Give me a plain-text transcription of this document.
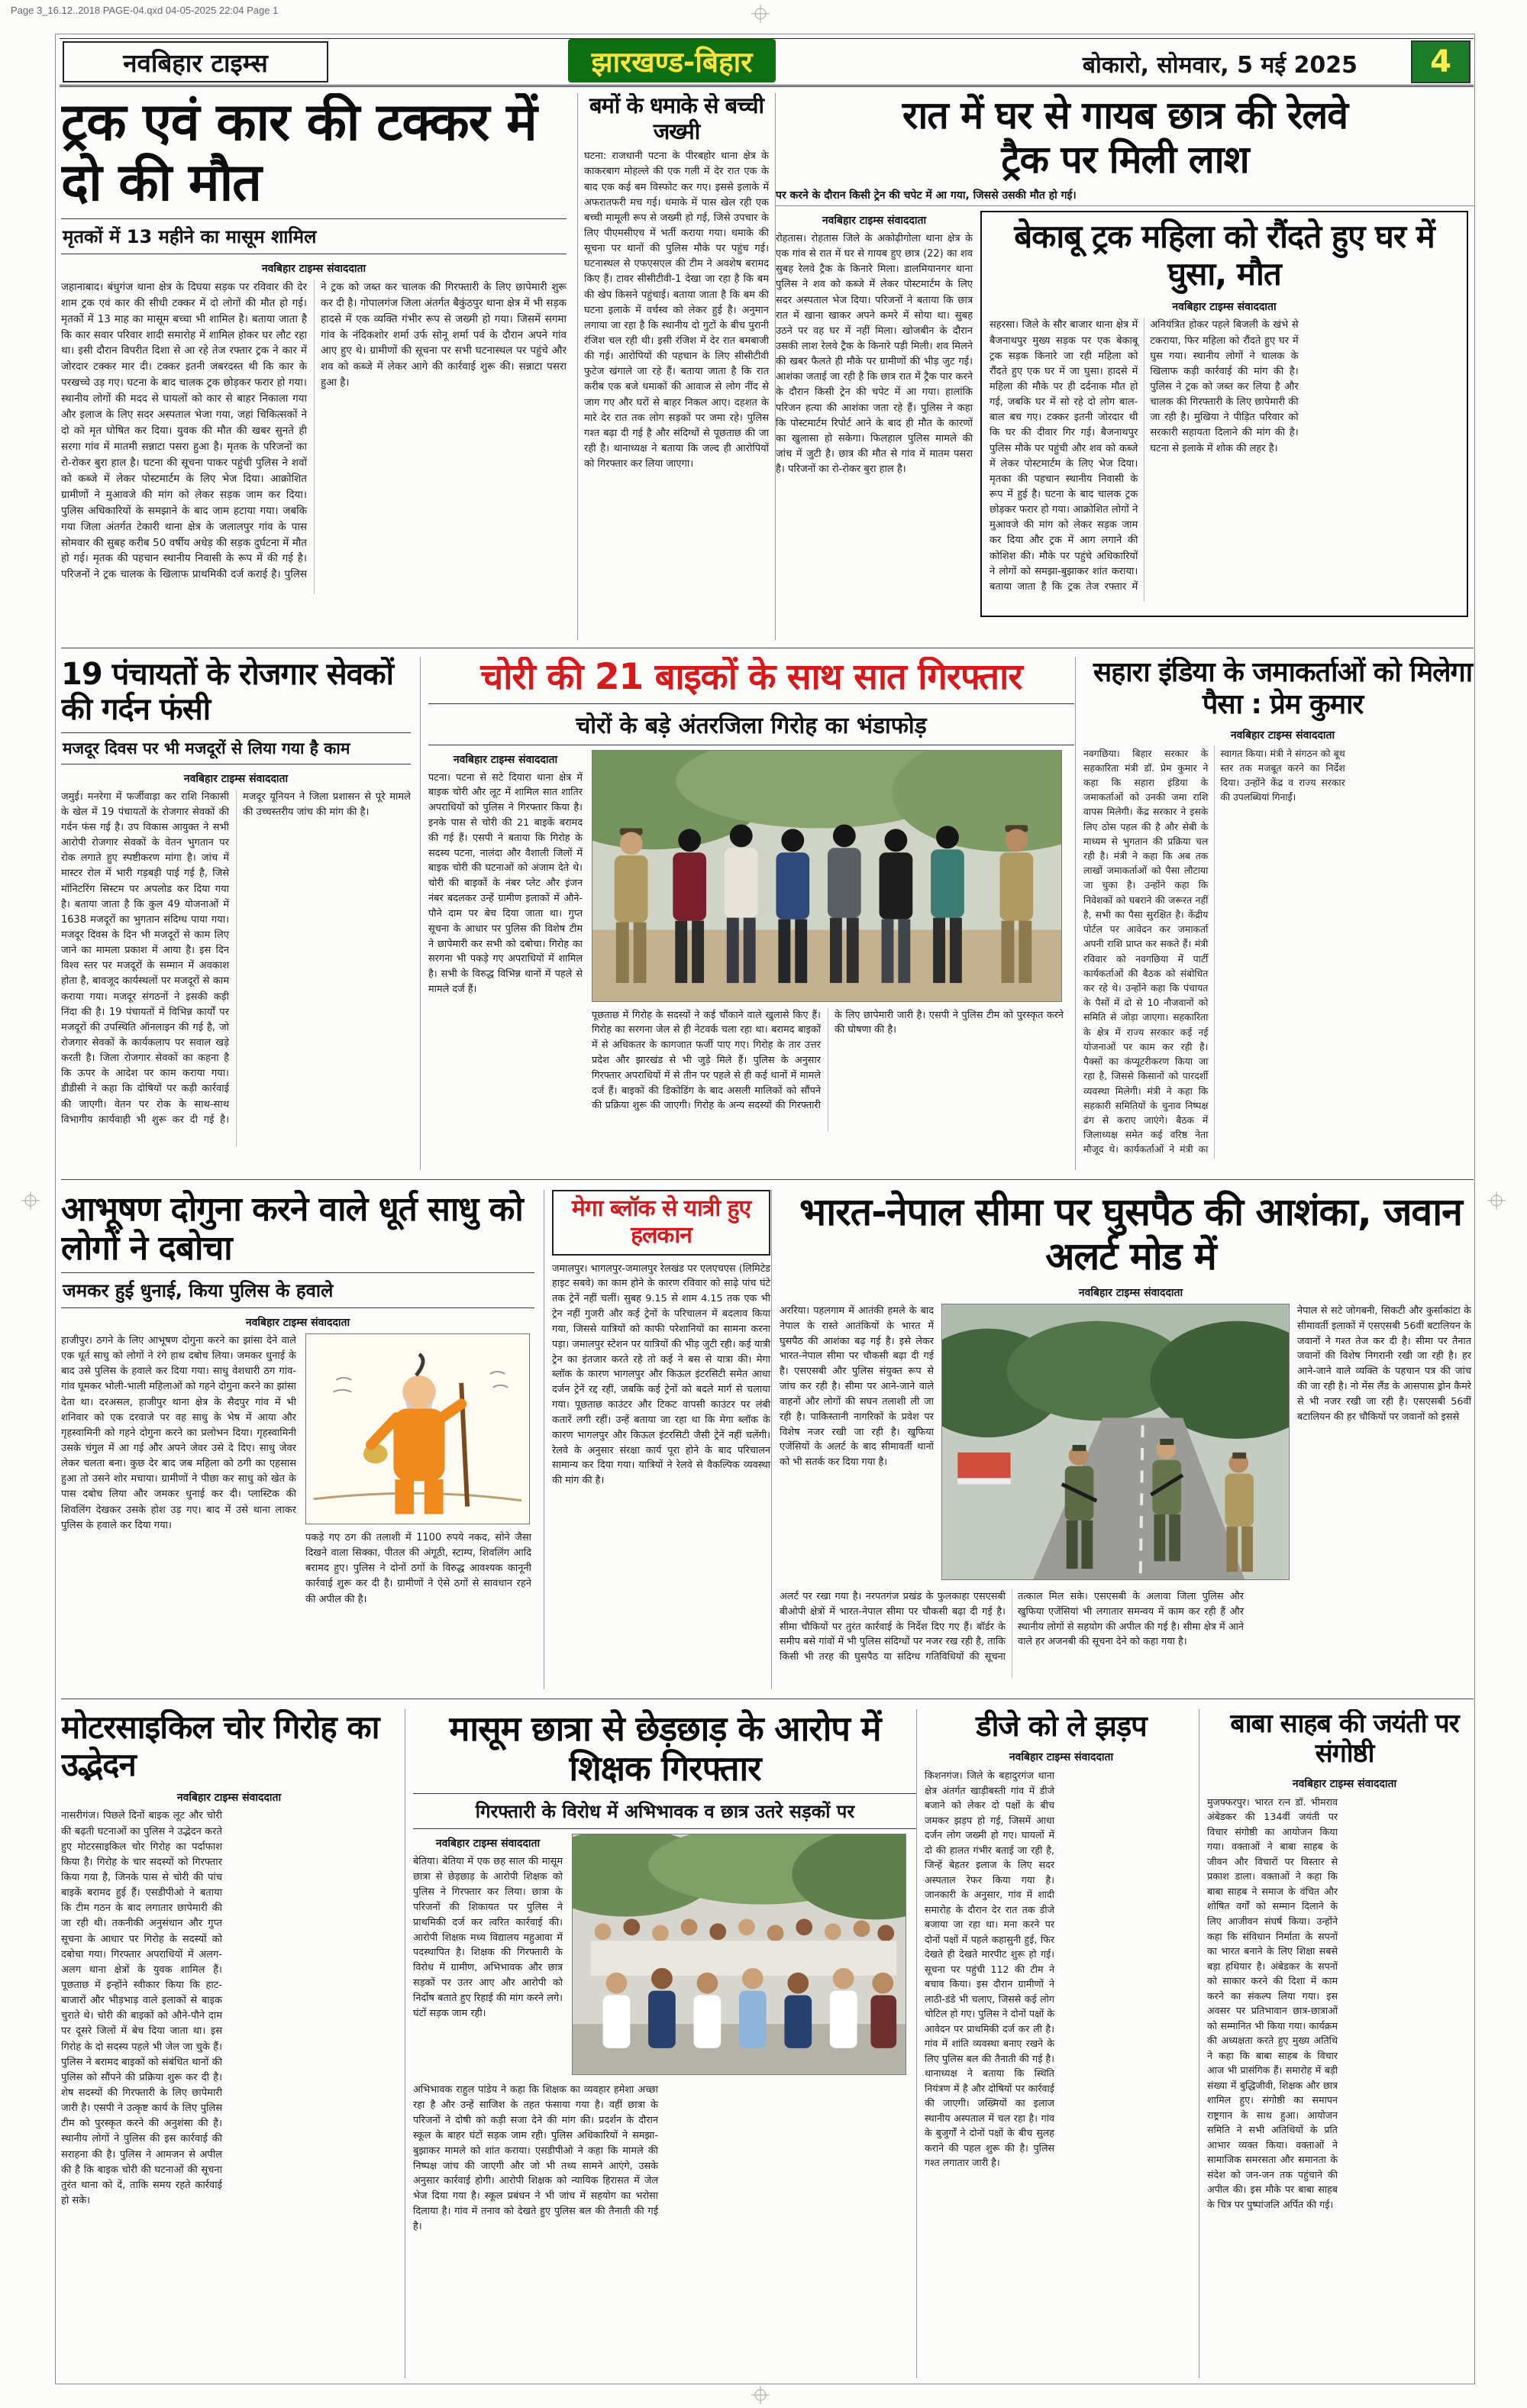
Page 3_16.12..2018 PAGE-04.qxd 04-05-2025 22:04 Page 1
नवबिहार टाइम्स	झारखण्ड-बिहार	बोकारो, सोमवार, 5 मई 2025	4
ट्रक एवं कार की टक्कर में दो की मौत
मृतकों में 13 महीने का मासूम शामिल
नवबिहार टाइम्स संवाददाता
जहानाबाद। बंधुगंज थाना क्षेत्र के दिघया सड़क पर रविवार की देर शाम ट्रक एवं कार की सीधी टक्कर में दो लोगों की मौत हो गई। मृतकों में 13 माह का मासूम बच्चा भी शामिल है। बताया जाता है कि कार सवार परिवार शादी समारोह में शामिल होकर घर लौट रहा था। इसी दौरान विपरीत दिशा से आ रहे तेज रफ्तार ट्रक ने कार में जोरदार टक्कर मार दी। टक्कर इतनी जबरदस्त थी कि कार के परखच्चे उड़ गए। घटना के बाद चालक ट्रक छोड़कर फरार हो गया। स्थानीय लोगों की मदद से घायलों को कार से बाहर निकाला गया और इलाज के लिए सदर अस्पताल भेजा गया, जहां चिकित्सकों ने दो को मृत घोषित कर दिया। युवक की मौत की खबर सुनते ही सरगा गांव में मातमी सन्नाटा पसरा हुआ है। मृतक के परिजनों का रो-रोकर बुरा हाल है। घटना की सूचना पाकर पहुंची पुलिस ने शवों को कब्जे में लेकर पोस्टमार्टम के लिए भेज दिया। आक्रोशित ग्रामीणों ने मुआवजे की मांग को लेकर सड़क जाम कर दिया। पुलिस अधिकारियों के समझाने के बाद जाम हटाया गया। जबकि गया जिला अंतर्गत टेकारी थाना क्षेत्र के जलालपुर गांव के पास सोमवार की सुबह करीब 50 वर्षीय अधेड़ की सड़क दुर्घटना में मौत हो गई। मृतक की पहचान स्थानीय निवासी के रूप में की गई है। परिजनों ने ट्रक चालक के खिलाफ प्राथमिकी दर्ज कराई है। पुलिस ने ट्रक को जब्त कर चालक की गिरफ्तारी के लिए छापेमारी शुरू कर दी है। गोपालगंज जिला अंतर्गत बैकुंठपुर थाना क्षेत्र में भी सड़क हादसे में एक व्यक्ति गंभीर रूप से जख्मी हो गया। जिसमें सगमा गांव के नंदिकशोर शर्मा उर्फ सोनू शर्मा पर्व के दौरान अपने गांव आए हुए थे। ग्रामीणों की सूचना पर सभी घटनास्थल पर पहुंचे और शव को कब्जे में लेकर आगे की कार्रवाई शुरू की। सन्नाटा पसरा हुआ है।
बमों के धमाके से बच्ची जख्मी
घटना: राजधानी पटना के पीरबहोर थाना क्षेत्र के काकरबाग मोहल्ले की एक गली में देर रात एक के बाद एक कई बम विस्फोट कर गए। इससे इलाके में अफरातफरी मच गई। धमाके में पास खेल रही एक बच्ची मामूली रूप से जख्मी हो गई, जिसे उपचार के लिए पीएमसीएच में भर्ती कराया गया। धमाके की सूचना पर थानों की पुलिस मौके पर पहुंच गई। घटनास्थल से एफएसएल की टीम ने अवशेष बरामद किए हैं। टावर सीसीटीवी-1 देखा जा रहा है कि बम की खेप किसने पहुंचाई। बताया जाता है कि बम की घटना इलाके में वर्चस्व को लेकर हुई है। अनुमान लगाया जा रहा है कि स्थानीय दो गुटों के बीच पुरानी रंजिश चल रही थी। इसी रंजिश में देर रात बमबाजी की गई। आरोपियों की पहचान के लिए सीसीटीवी फुटेज खंगाले जा रहे हैं। बताया जाता है कि रात करीब एक बजे धमाकों की आवाज से लोग नींद से जाग गए और घरों से बाहर निकल आए। दहशत के मारे देर रात तक लोग सड़कों पर जमा रहे। पुलिस गश्त बढ़ा दी गई है और संदिग्धों से पूछताछ की जा रही है। थानाध्यक्ष ने बताया कि जल्द ही आरोपियों को गिरफ्तार कर लिया जाएगा।
रात में घर से गायब छात्र की रेलवे ट्रैक पर मिली लाश
पर करने के दौरान किसी ट्रेन की चपेट में आ गया, जिससे उसकी मौत हो गई।
नवबिहार टाइम्स संवाददाता
रोहतास। रोहतास जिले के अकोढ़ीगोला थाना क्षेत्र के एक गांव से रात में घर से गायब हुए छात्र (22) का शव सुबह रेलवे ट्रैक के किनारे मिला। डालमियानगर थाना पुलिस ने शव को कब्जे में लेकर पोस्टमार्टम के लिए सदर अस्पताल भेज दिया। परिजनों ने बताया कि छात्र रात में खाना खाकर अपने कमरे में सोया था। सुबह उठने पर वह घर में नहीं मिला। खोजबीन के दौरान उसकी लाश रेलवे ट्रैक के किनारे पड़ी मिली। शव मिलने की खबर फैलते ही मौके पर ग्रामीणों की भीड़ जुट गई। आशंका जताई जा रही है कि छात्र रात में ट्रैक पार करने के दौरान किसी ट्रेन की चपेट में आ गया। हालांकि परिजन हत्या की आशंका जता रहे हैं। पुलिस ने कहा कि पोस्टमार्टम रिपोर्ट आने के बाद ही मौत के कारणों का खुलासा हो सकेगा। फिलहाल पुलिस मामले की जांच में जुटी है। छात्र की मौत से गांव में मातम पसरा है। परिजनों का रो-रोकर बुरा हाल है।
बेकाबू ट्रक महिला को रौंदते हुए घर में घुसा, मौत
नवबिहार टाइम्स संवाददाता
सहरसा। जिले के सौर बाजार थाना क्षेत्र में बैजनाथपुर मुख्य सड़क पर एक बेकाबू ट्रक सड़क किनारे जा रही महिला को रौंदते हुए एक घर में जा घुसा। हादसे में महिला की मौके पर ही दर्दनाक मौत हो गई, जबकि घर में सो रहे दो लोग बाल-बाल बच गए। टक्कर इतनी जोरदार थी कि घर की दीवार गिर गई। बैजनाथपुर पुलिस मौके पर पहुंची और शव को कब्जे में लेकर पोस्टमार्टम के लिए भेज दिया। मृतका की पहचान स्थानीय निवासी के रूप में हुई है। घटना के बाद चालक ट्रक छोड़कर फरार हो गया। आक्रोशित लोगों ने मुआवजे की मांग को लेकर सड़क जाम कर दिया और ट्रक में आग लगाने की कोशिश की। मौके पर पहुंचे अधिकारियों ने लोगों को समझा-बुझाकर शांत कराया। बताया जाता है कि ट्रक तेज रफ्तार में अनियंत्रित होकर पहले बिजली के खंभे से टकराया, फिर महिला को रौंदते हुए घर में घुस गया। स्थानीय लोगों ने चालक के खिलाफ कड़ी कार्रवाई की मांग की है। पुलिस ने ट्रक को जब्त कर लिया है और चालक की गिरफ्तारी के लिए छापेमारी की जा रही है। मुखिया ने पीड़ित परिवार को सरकारी सहायता दिलाने की मांग की है। घटना से इलाके में शोक की लहर है।
19 पंचायतों के रोजगार सेवकों की गर्दन फंसी
मजदूर दिवस पर भी मजदूरों से लिया गया है काम
नवबिहार टाइम्स संवाददाता
जमुई। मनरेगा में फर्जीवाड़ा कर राशि निकासी के खेल में 19 पंचायतों के रोजगार सेवकों की गर्दन फंस गई है। उप विकास आयुक्त ने सभी आरोपी रोजगार सेवकों के वेतन भुगतान पर रोक लगाते हुए स्पष्टीकरण मांगा है। जांच में मास्टर रोल में भारी गड़बड़ी पाई गई है, जिसे मॉनिटरिंग सिस्टम पर अपलोड कर दिया गया है। बताया जाता है कि कुल 49 योजनाओं में 1638 मजदूरों का भुगतान संदिग्ध पाया गया। मजदूर दिवस के दिन भी मजदूरों से काम लिए जाने का मामला प्रकाश में आया है। इस दिन विश्व स्तर पर मजदूरों के सम्मान में अवकाश होता है, बावजूद कार्यस्थलों पर मजदूरों से काम कराया गया। मजदूर संगठनों ने इसकी कड़ी निंदा की है। 19 पंचायतों में विभिन्न कार्यों पर मजदूरों की उपस्थिति ऑनलाइन की गई है, जो रोजगार सेवकों के कार्यकलाप पर सवाल खड़े करती है। जिला रोजगार सेवकों का कहना है कि ऊपर के आदेश पर काम कराया गया। डीडीसी ने कहा कि दोषियों पर कड़ी कार्रवाई की जाएगी। वेतन पर रोक के साथ-साथ विभागीय कार्यवाही भी शुरू कर दी गई है। मजदूर यूनियन ने जिला प्रशासन से पूरे मामले की उच्चस्तरीय जांच की मांग की है।
चोरी की 21 बाइकों के साथ सात गिरफ्तार
चोरों के बड़े अंतरजिला गिरोह का भंडाफोड़
नवबिहार टाइम्स संवाददाता
पटना। पटना से सटे दियारा थाना क्षेत्र में बाइक चोरी और लूट में शामिल सात शातिर अपराधियों को पुलिस ने गिरफ्तार किया है। इनके पास से चोरी की 21 बाइकें बरामद की गई हैं। एसपी ने बताया कि गिरोह के सदस्य पटना, नालंदा और वैशाली जिलों में बाइक चोरी की घटनाओं को अंजाम देते थे। चोरी की बाइकों के नंबर प्लेट और इंजन नंबर बदलकर उन्हें ग्रामीण इलाकों में औने-पौने दाम पर बेच दिया जाता था। गुप्त सूचना के आधार पर पुलिस की विशेष टीम ने छापेमारी कर सभी को दबोचा। गिरोह का सरगना भी पकड़े गए अपराधियों में शामिल है। सभी के विरुद्ध विभिन्न थानों में पहले से मामले दर्ज हैं।
पूछताछ में गिरोह के सदस्यों ने कई चौंकाने वाले खुलासे किए हैं। गिरोह का सरगना जेल से ही नेटवर्क चला रहा था। बरामद बाइकों में से अधिकतर के कागजात फर्जी पाए गए। गिरोह के तार उत्तर प्रदेश और झारखंड से भी जुड़े मिले हैं। पुलिस के अनुसार गिरफ्तार अपराधियों में से तीन पर पहले से ही कई थानों में मामले दर्ज हैं। बाइकों की डिकोडिंग के बाद असली मालिकों को सौंपने की प्रक्रिया शुरू की जाएगी। गिरोह के अन्य सदस्यों की गिरफ्तारी के लिए छापेमारी जारी है। एसपी ने पुलिस टीम को पुरस्कृत करने की घोषणा की है।
सहारा इंडिया के जमाकर्ताओं को मिलेगा पैसा : प्रेम कुमार
नवबिहार टाइम्स संवाददाता
नवगछिया। बिहार सरकार के सहकारिता मंत्री डॉ. प्रेम कुमार ने कहा कि सहारा इंडिया के जमाकर्ताओं को उनकी जमा राशि वापस मिलेगी। केंद्र सरकार ने इसके लिए ठोस पहल की है और सेबी के माध्यम से भुगतान की प्रक्रिया चल रही है। मंत्री ने कहा कि अब तक लाखों जमाकर्ताओं को पैसा लौटाया जा चुका है। उन्होंने कहा कि निवेशकों को घबराने की जरूरत नहीं है, सभी का पैसा सुरक्षित है। केंद्रीय पोर्टल पर आवेदन कर जमाकर्ता अपनी राशि प्राप्त कर सकते हैं। मंत्री रविवार को नवगछिया में पार्टी कार्यकर्ताओं की बैठक को संबोधित कर रहे थे। उन्होंने कहा कि पंचायत के पैसों में दो से 10 नौजवानों को समिति से जोड़ा जाएगा। सहकारिता के क्षेत्र में राज्य सरकार कई नई योजनाओं पर काम कर रही है। पैक्सों का कंप्यूटरीकरण किया जा रहा है, जिससे किसानों को पारदर्शी व्यवस्था मिलेगी। मंत्री ने कहा कि सहकारी समितियों के चुनाव निष्पक्ष ढंग से कराए जाएंगे। बैठक में जिलाध्यक्ष समेत कई वरिष्ठ नेता मौजूद थे। कार्यकर्ताओं ने मंत्री का स्वागत किया। मंत्री ने संगठन को बूथ स्तर तक मजबूत करने का निर्देश दिया। उन्होंने केंद्र व राज्य सरकार की उपलब्धियां गिनाईं।
आभूषण दोगुना करने वाले धूर्त साधु को लोगों ने दबोचा
जमकर हुई धुनाई, किया पुलिस के हवाले
नवबिहार टाइम्स संवाददाता
हाजीपुर। ठगने के लिए आभूषण दोगुना करने का झांसा देने वाले एक धूर्त साधु को लोगों ने रंगे हाथ दबोच लिया। जमकर धुनाई के बाद उसे पुलिस के हवाले कर दिया गया। साधु वेशधारी ठग गांव-गांव घूमकर भोली-भाली महिलाओं को गहने दोगुना करने का झांसा देता था। दरअसल, हाजीपुर थाना क्षेत्र के सैदपुर गांव में भी शनिवार को एक दरवाजे पर वह साधु के भेष में आया और गृहस्वामिनी को गहने दोगुना करने का प्रलोभन दिया। गृहस्वामिनी उसके चंगुल में आ गई और अपने जेवर उसे दे दिए। साधु जेवर लेकर चलता बना। कुछ देर बाद जब महिला को ठगी का एहसास हुआ तो उसने शोर मचाया। ग्रामीणों ने पीछा कर साधु को खेत के पास दबोच लिया और जमकर धुनाई कर दी। प्लास्टिक की शिवलिंग देखकर उसके होश उड़ गए। बाद में उसे थाना लाकर पुलिस के हवाले कर दिया गया।
पकड़े गए ठग की तलाशी में 1100 रुपये नकद, सोने जैसा दिखने वाला सिक्का, पीतल की अंगूठी, स्टाम्प, शिवलिंग आदि बरामद हुए। पुलिस ने दोनों ठगों के विरुद्ध आवश्यक कानूनी कार्रवाई शुरू कर दी है। ग्रामीणों ने ऐसे ठगों से सावधान रहने की अपील की है।
मेगा ब्लॉक से यात्री हुए हलकान
जमालपुर। भागलपुर-जमालपुर रेलखंड पर एलएचएस (लिमिटेड हाइट सबवे) का काम होने के कारण रविवार को साढ़े पांच घंटे तक ट्रेनें नहीं चलीं। सुबह 9.15 से शाम 4.15 तक एक भी ट्रेन नहीं गुजरी और कई ट्रेनों के परिचालन में बदलाव किया गया, जिससे यात्रियों को काफी परेशानियों का सामना करना पड़ा। जमालपुर स्टेशन पर यात्रियों की भीड़ जुटी रही। कई यात्री ट्रेन का इंतजार करते रहे तो कई ने बस से यात्रा की। मेगा ब्लॉक के कारण भागलपुर और किऊल इंटरसिटी समेत आधा दर्जन ट्रेनें रद्द रहीं, जबकि कई ट्रेनों को बदले मार्ग से चलाया गया। पूछताछ काउंटर और टिकट वापसी काउंटर पर लंबी कतारें लगी रहीं। उन्हें बताया जा रहा था कि मेगा ब्लॉक के कारण भागलपुर और किऊल इंटरसिटी जैसी ट्रेनें नहीं चलेंगी। रेलवे के अनुसार संरक्षा कार्य पूरा होने के बाद परिचालन सामान्य कर दिया गया। यात्रियों ने रेलवे से वैकल्पिक व्यवस्था की मांग की है।
भारत-नेपाल सीमा पर घुसपैठ की आशंका, जवान अलर्ट मोड में
नवबिहार टाइम्स संवाददाता
अररिया। पहलगाम में आतंकी हमले के बाद नेपाल के रास्ते आतंकियों के भारत में घुसपैठ की आशंका बढ़ गई है। इसे लेकर भारत-नेपाल सीमा पर चौकसी बढ़ा दी गई है। एसएसबी और पुलिस संयुक्त रूप से जांच कर रही है। सीमा पर आने-जाने वाले वाहनों और लोगों की सघन तलाशी ली जा रही है। पाकिस्तानी नागरिकों के प्रवेश पर विशेष नजर रखी जा रही है। खुफिया एजेंसियों के अलर्ट के बाद सीमावर्ती थानों को भी सतर्क कर दिया गया है।
नेपाल से सटे जोगबनी, सिकटी और कुर्साकांटा के सीमावर्ती इलाकों में एसएसबी 56वीं बटालियन के जवानों ने गश्त तेज कर दी है। सीमा पर तैनात जवानों की विशेष निगरानी रखी जा रही है। हर आने-जाने वाले व्यक्ति के पहचान पत्र की जांच की जा रही है। नो मेंस लैंड के आसपास ड्रोन कैमरे से भी नजर रखी जा रही है। एसएसबी 56वीं बटालियन की हर चौकियों पर जवानों को इससे
अलर्ट पर रखा गया है। नरपतगंज प्रखंड के फुलकाहा एसएसबी बीओपी क्षेत्रों में भारत-नेपाल सीमा पर चौकसी बढ़ा दी गई है। सीमा चौकियों पर तुरंत कार्रवाई के निर्देश दिए गए हैं। बॉर्डर के समीप बसे गांवों में भी पुलिस संदिग्धों पर नजर रख रही है, ताकि किसी भी तरह की घुसपैठ या संदिग्ध गतिविधियों की सूचना तत्काल मिल सके। एसएसबी के अलावा जिला पुलिस और खुफिया एजेंसियां भी लगातार समन्वय में काम कर रही हैं और स्थानीय लोगों से सहयोग की अपील की गई है। सीमा क्षेत्र में आने वाले हर अजनबी की सूचना देने को कहा गया है।
मोटरसाइकिल चोर गिरोह का उद्भेदन
नवबिहार टाइम्स संवाददाता
नासरीगंज। पिछले दिनों बाइक लूट और चोरी की बढ़ती घटनाओं का पुलिस ने उद्भेदन करते हुए मोटरसाइकिल चोर गिरोह का पर्दाफाश किया है। गिरोह के चार सदस्यों को गिरफ्तार किया गया है, जिनके पास से चोरी की पांच बाइकें बरामद हुई हैं। एसडीपीओ ने बताया कि टीम गठन के बाद लगातार छापेमारी की जा रही थी। तकनीकी अनुसंधान और गुप्त सूचना के आधार पर गिरोह के सदस्यों को दबोचा गया। गिरफ्तार अपराधियों में अलग-अलग थाना क्षेत्रों के युवक शामिल हैं। पूछताछ में इन्होंने स्वीकार किया कि हाट-बाजारों और भीड़भाड़ वाले इलाकों से बाइक चुराते थे। चोरी की बाइकों को औने-पौने दाम पर दूसरे जिलों में बेच दिया जाता था। इस गिरोह के दो सदस्य पहले भी जेल जा चुके हैं। पुलिस ने बरामद बाइकों को संबंधित थानों की पुलिस को सौंपने की प्रक्रिया शुरू कर दी है। शेष सदस्यों की गिरफ्तारी के लिए छापेमारी जारी है। एसपी ने उत्कृष्ट कार्य के लिए पुलिस टीम को पुरस्कृत करने की अनुशंसा की है। स्थानीय लोगों ने पुलिस की इस कार्रवाई की सराहना की है। पुलिस ने आमजन से अपील की है कि बाइक चोरी की घटनाओं की सूचना तुरंत थाना को दें, ताकि समय रहते कार्रवाई हो सके।
मासूम छात्रा से छेड़छाड़ के आरोप में शिक्षक गिरफ्तार
गिरफ्तारी के विरोध में अभिभावक व छात्र उतरे सड़कों पर
नवबिहार टाइम्स संवाददाता
बेतिया। बेतिया में एक छह साल की मासूम छात्रा से छेड़छाड़ के आरोपी शिक्षक को पुलिस ने गिरफ्तार कर लिया। छात्रा के परिजनों की शिकायत पर पुलिस ने प्राथमिकी दर्ज कर त्वरित कार्रवाई की। आरोपी शिक्षक मध्य विद्यालय महुआवा में पदस्थापित है। शिक्षक की गिरफ्तारी के विरोध में ग्रामीण, अभिभावक और छात्र सड़कों पर उतर आए और आरोपी को निर्दोष बताते हुए रिहाई की मांग करने लगे। घंटों सड़क जाम रही।
अभिभावक राहुल पांडेय ने कहा कि शिक्षक का व्यवहार हमेशा अच्छा रहा है और उन्हें साजिश के तहत फंसाया गया है। वहीं छात्रा के परिजनों ने दोषी को कड़ी सजा देने की मांग की। प्रदर्शन के दौरान स्कूल के बाहर घंटों सड़क जाम रही। पुलिस अधिकारियों ने समझा-बुझाकर मामले को शांत कराया। एसडीपीओ ने कहा कि मामले की निष्पक्ष जांच की जाएगी और जो भी तथ्य सामने आएंगे, उसके अनुसार कार्रवाई होगी। आरोपी शिक्षक को न्यायिक हिरासत में जेल भेज दिया गया है। स्कूल प्रबंधन ने भी जांच में सहयोग का भरोसा दिलाया है। गांव में तनाव को देखते हुए पुलिस बल की तैनाती की गई है।
डीजे को ले झड़प
नवबिहार टाइम्स संवाददाता
किशनगंज। जिले के बहादुरगंज थाना क्षेत्र अंतर्गत खाड़ीबस्ती गांव में डीजे बजाने को लेकर दो पक्षों के बीच जमकर झड़प हो गई, जिसमें आधा दर्जन लोग जख्मी हो गए। घायलों में दो की हालत गंभीर बताई जा रही है, जिन्हें बेहतर इलाज के लिए सदर अस्पताल रेफर किया गया है। जानकारी के अनुसार, गांव में शादी समारोह के दौरान देर रात तक डीजे बजाया जा रहा था। मना करने पर दोनों पक्षों में पहले कहासुनी हुई, फिर देखते ही देखते मारपीट शुरू हो गई। सूचना पर पहुंची 112 की टीम ने बचाव किया। इस दौरान ग्रामीणों ने लाठी-डंडे भी चलाए, जिससे कई लोग चोटिल हो गए। पुलिस ने दोनों पक्षों के आवेदन पर प्राथमिकी दर्ज कर ली है। गांव में शांति व्यवस्था बनाए रखने के लिए पुलिस बल की तैनाती की गई है। थानाध्यक्ष ने बताया कि स्थिति नियंत्रण में है और दोषियों पर कार्रवाई की जाएगी। जख्मियों का इलाज स्थानीय अस्पताल में चल रहा है। गांव के बुजुर्गों ने दोनों पक्षों के बीच सुलह कराने की पहल शुरू की है। पुलिस गश्त लगातार जारी है।
बाबा साहब की जयंती पर संगोष्ठी
नवबिहार टाइम्स संवाददाता
मुजफ्फरपुर। भारत रत्न डॉ. भीमराव अंबेडकर की 134वीं जयंती पर विचार संगोष्ठी का आयोजन किया गया। वक्ताओं ने बाबा साहब के जीवन और विचारों पर विस्तार से प्रकाश डाला। वक्ताओं ने कहा कि बाबा साहब ने समाज के वंचित और शोषित वर्गों को सम्मान दिलाने के लिए आजीवन संघर्ष किया। उन्होंने कहा कि संविधान निर्माता के सपनों का भारत बनाने के लिए शिक्षा सबसे बड़ा हथियार है। अंबेडकर के सपनों को साकार करने की दिशा में काम करने का संकल्प लिया गया। इस अवसर पर प्रतिभावान छात्र-छात्राओं को सम्मानित भी किया गया। कार्यक्रम की अध्यक्षता करते हुए मुख्य अतिथि ने कहा कि बाबा साहब के विचार आज भी प्रासंगिक हैं। समारोह में बड़ी संख्या में बुद्धिजीवी, शिक्षक और छात्र शामिल हुए। संगोष्ठी का समापन राष्ट्रगान के साथ हुआ। आयोजन समिति ने सभी अतिथियों के प्रति आभार व्यक्त किया। वक्ताओं ने सामाजिक समरसता और समानता के संदेश को जन-जन तक पहुंचाने की अपील की। इस मौके पर बाबा साहब के चित्र पर पुष्पांजलि अर्पित की गई।
